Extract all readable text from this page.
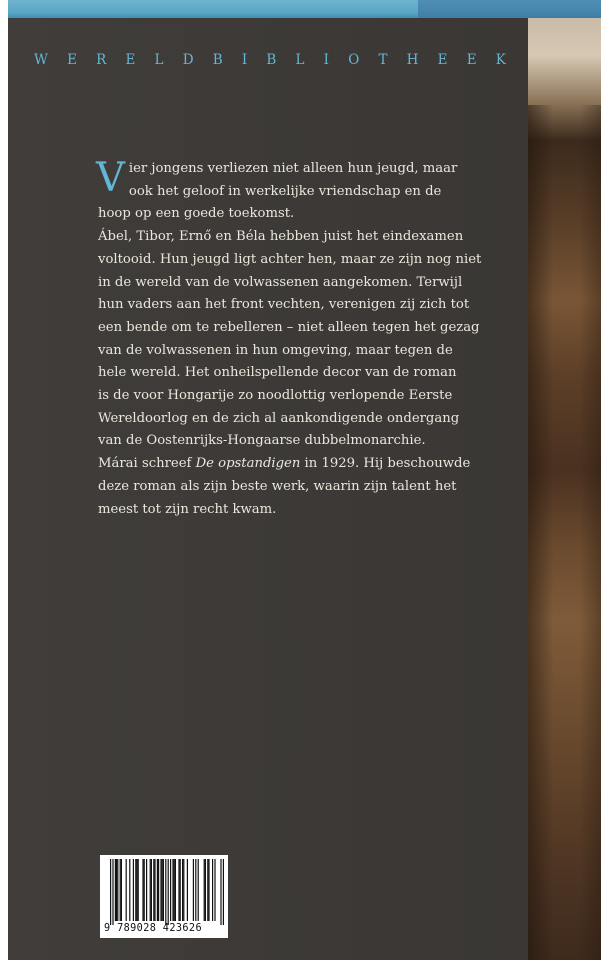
WERELDBIBLIOTHEEK
V ier jongens verliezen niet alleen hun jeugd, maar

ook het geloof in werkelijke vriendschap en de

hoop op een goede toekomst.

Ábel, Tibor, Ernő en Béla hebben juist het eindexamen

voltooid. Hun jeugd ligt achter hen, maar ze zijn nog niet

in de wereld van de volwassenen aangekomen. Terwijl

hun vaders aan het front vechten, verenigen zij zich tot

een bende om te rebelleren – niet alleen tegen het gezag

van de volwassenen in hun omgeving, maar tegen de

hele wereld. Het onheilspellende decor van de roman

is de voor Hongarije zo noodlottig verlopende Eerste

Wereldoorlog en de zich al aankondigende ondergang

van de Oostenrijks-Hongaarse dubbelmonarchie.

Márai schreef De opstandigen in 1929. Hij beschouwde

deze roman als zijn beste werk, waarin zijn talent het

meest tot zijn recht kwam.

9 789028 423626
